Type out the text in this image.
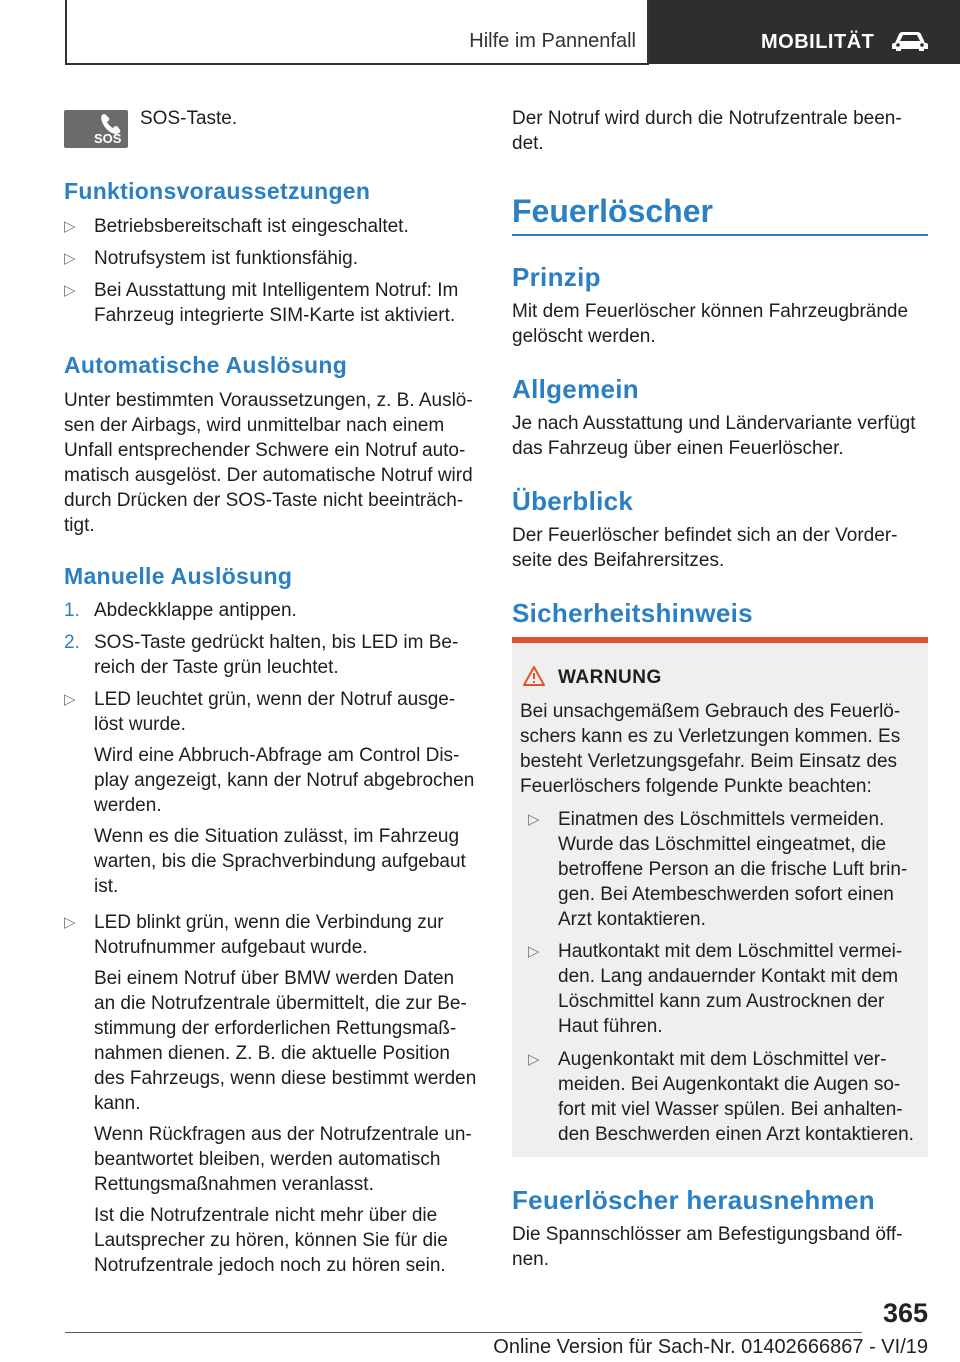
Hilfe im Pannenfall	MOBILITÄT
SOS

SOS-Taste.

Funktionsvoraussetzungen
▷ Betriebsbereitschaft ist eingeschaltet.
▷ Notrufsystem ist funktionsfähig.
▷ Bei Ausstattung mit Intelligentem Notruf: Im
Fahrzeug integrierte SIM-Karte ist aktiviert.
Automatische Auslösung

Unter bestimmten Voraussetzungen, z. B. Auslö-

sen der Airbags, wird unmittelbar nach einem

Unfall entsprechender Schwere ein Notruf auto-

matisch ausgelöst. Der automatische Notruf wird

durch Drücken der SOS-Taste nicht beeinträch-

tigt.

Manuelle Auslösung
1. Abdeckklappe antippen.
2. SOS-Taste gedrückt halten, bis LED im Be-
reich der Taste grün leuchtet.
▷ LED leuchtet grün, wenn der Notruf ausge-
löst wurde.
Wird eine Abbruch-Abfrage am Control Dis-
play angezeigt, kann der Notruf abgebrochen
werden.
Wenn es die Situation zulässt, im Fahrzeug
warten, bis die Sprachverbindung aufgebaut
ist.
▷ LED blinkt grün, wenn die Verbindung zur
Notrufnummer aufgebaut wurde.
Bei einem Notruf über BMW werden Daten
an die Notrufzentrale übermittelt, die zur Be-
stimmung der erforderlichen Rettungsmaß-
nahmen dienen. Z. B. die aktuelle Position
des Fahrzeugs, wenn diese bestimmt werden
kann.
Wenn Rückfragen aus der Notrufzentrale un-
beantwortet bleiben, werden automatisch
Rettungsmaßnahmen veranlasst.
Ist die Notrufzentrale nicht mehr über die
Lautsprecher zu hören, können Sie für die
Notrufzentrale jedoch noch zu hören sein.

Der Notruf wird durch die Notrufzentrale been-

det.

Feuerlöscher
Prinzip

Mit dem Feuerlöscher können Fahrzeugbrände

gelöscht werden.

Allgemein

Je nach Ausstattung und Ländervariante verfügt

das Fahrzeug über einen Feuerlöscher.

Überblick

Der Feuerlöscher befindet sich an der Vorder-

seite des Beifahrersitzes.

Sicherheitshinweis
WARNUNG

Bei unsachgemäßem Gebrauch des Feuerlö-

schers kann es zu Verletzungen kommen. Es

besteht Verletzungsgefahr. Beim Einsatz des

Feuerlöschers folgende Punkte beachten:

▷ Einatmen des Löschmittels vermeiden.
Wurde das Löschmittel eingeatmet, die
betroffene Person an die frische Luft brin-
gen. Bei Atembeschwerden sofort einen
Arzt kontaktieren.
▷ Hautkontakt mit dem Löschmittel vermei-
den. Lang andauernder Kontakt mit dem
Löschmittel kann zum Austrocknen der
Haut führen.
▷ Augenkontakt mit dem Löschmittel ver-
meiden. Bei Augenkontakt die Augen so-
fort mit viel Wasser spülen. Bei anhalten-
den Beschwerden einen Arzt kontaktieren.
Feuerlöscher herausnehmen

Die Spannschlösser am Befestigungsband öff-

nen.

365
Online Version für Sach-Nr. 01402666867 - VI/19
